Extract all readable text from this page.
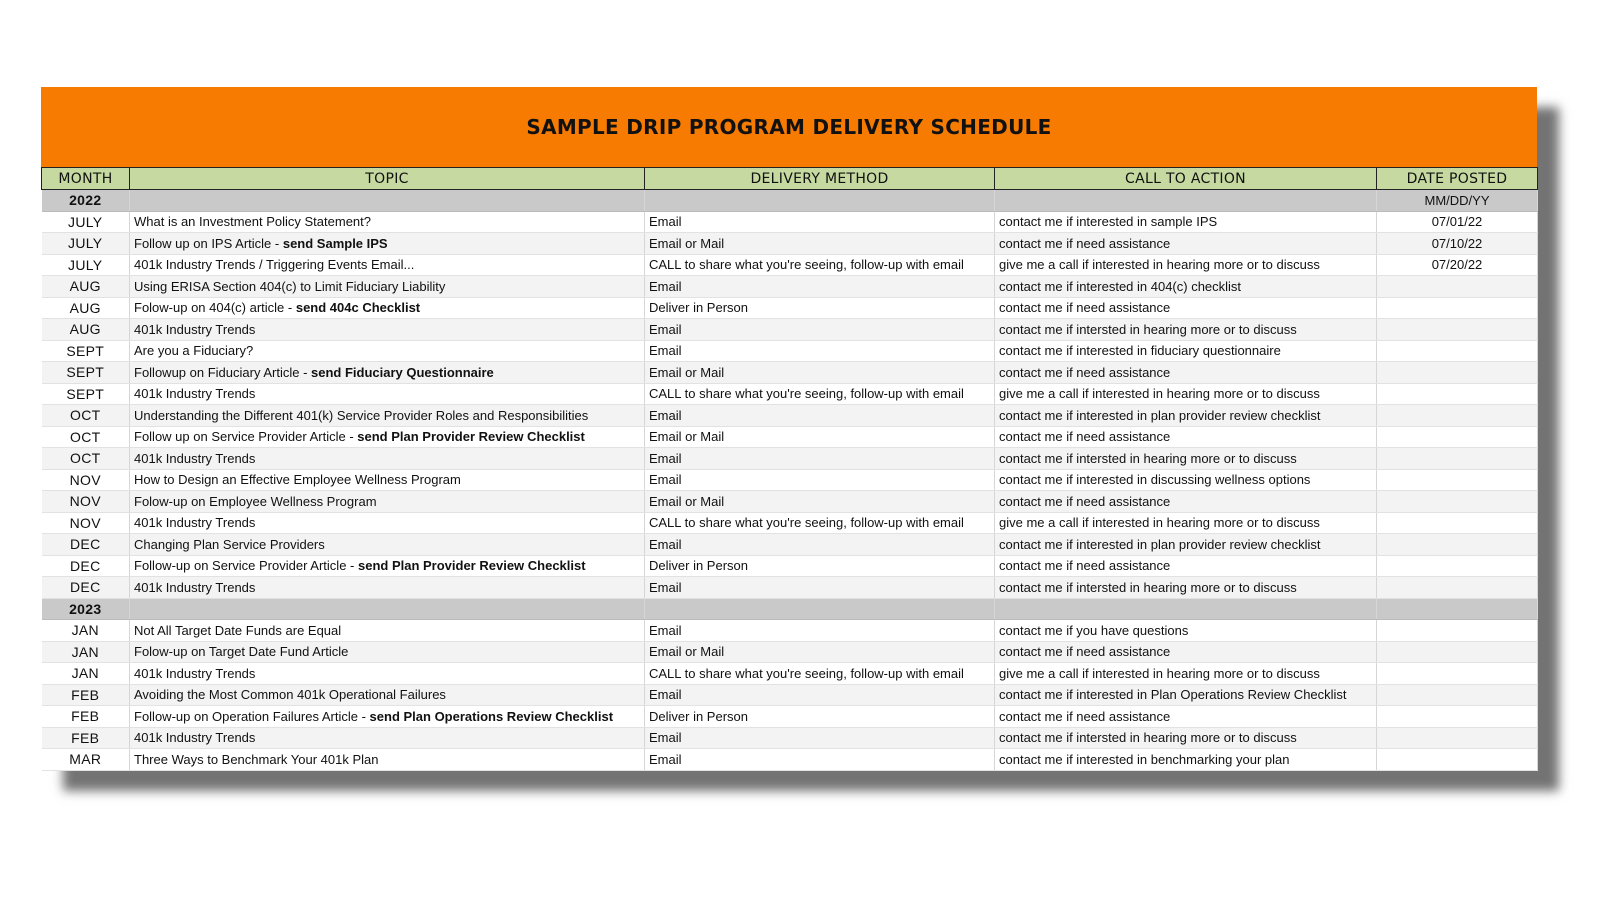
SAMPLE DRIP PROGRAM DELIVERY SCHEDULE
MONTH	TOPIC	DELIVERY METHOD	CALL TO ACTION	DATE POSTED
2022				MM/DD/YY
JULY	What is an Investment Policy Statement?	Email	contact me if interested in sample IPS	07/01/22
JULY	Follow up on IPS Article - send Sample IPS	Email or Mail	contact me if need assistance	07/10/22
JULY	401k Industry Trends / Triggering Events Email...	CALL to share what you're seeing, follow-up with email	give me a call if interested in hearing more or to discuss	07/20/22
AUG	Using ERISA Section 404(c) to Limit Fiduciary Liability	Email	contact me if interested in 404(c) checklist	
AUG	Folow-up on 404(c) article - send 404c Checklist	Deliver in Person	contact me if need assistance	
AUG	401k Industry Trends	Email	contact me if intersted in hearing more or to discuss	
SEPT	Are you a Fiduciary?	Email	contact me if interested in fiduciary questionnaire	
SEPT	Followup on Fiduciary Article - send Fiduciary Questionnaire	Email or Mail	contact me if need assistance	
SEPT	401k Industry Trends	CALL to share what you're seeing, follow-up with email	give me a call if interested in hearing more or to discuss	
OCT	Understanding the Different 401(k) Service Provider Roles and Responsibilities	Email	contact me if interested in plan provider review checklist	
OCT	Follow up on Service Provider Article - send Plan Provider Review Checklist	Email or Mail	contact me if need assistance	
OCT	401k Industry Trends	Email	contact me if intersted in hearing more or to discuss	
NOV	How to Design an Effective Employee Wellness Program	Email	contact me if interested in discussing wellness options	
NOV	Folow-up on Employee Wellness Program	Email or Mail	contact me if need assistance	
NOV	401k Industry Trends	CALL to share what you're seeing, follow-up with email	give me a call if interested in hearing more or to discuss	
DEC	Changing Plan Service Providers	Email	contact me if interested in plan provider review checklist	
DEC	Follow-up on Service Provider Article - send Plan Provider Review Checklist	Deliver in Person	contact me if need assistance	
DEC	401k Industry Trends	Email	contact me if intersted in hearing more or to discuss	
2023				
JAN	Not All Target Date Funds are Equal	Email	contact me if you have questions	
JAN	Folow-up on Target Date Fund Article	Email or Mail	contact me if need assistance	
JAN	401k Industry Trends	CALL to share what you're seeing, follow-up with email	give me a call if interested in hearing more or to discuss	
FEB	Avoiding the Most Common 401k Operational Failures	Email	contact me if interested in Plan Operations Review Checklist	
FEB	Follow-up on Operation Failures Article - send Plan Operations Review Checklist	Deliver in Person	contact me if need assistance	
FEB	401k Industry Trends	Email	contact me if intersted in hearing more or to discuss	
MAR	Three Ways to Benchmark Your 401k Plan	Email	contact me if interested in benchmarking your plan	
